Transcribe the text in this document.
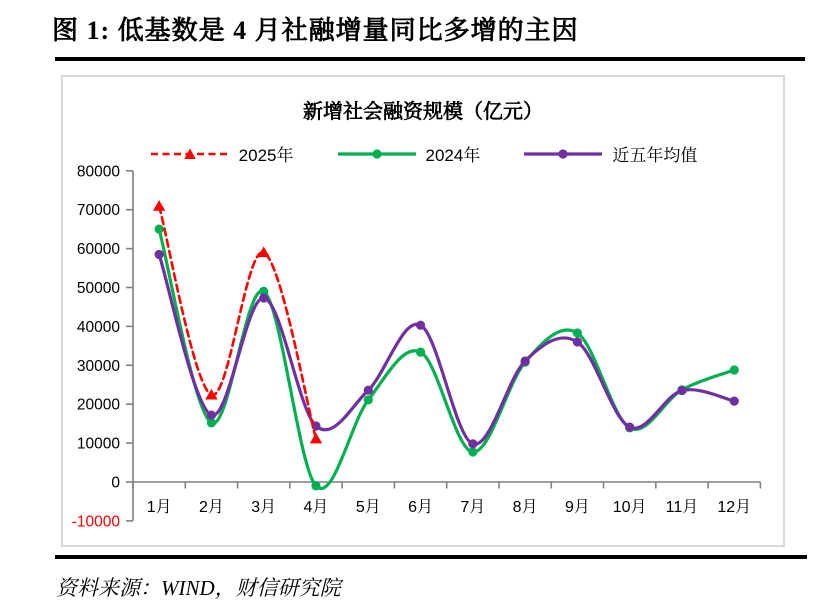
图 1: 低基数是 4 月社融增量同比多增的主因
80000
70000
60000
50000
40000
30000
20000
10000
0
-10000
1月 2月 3月 4月 5月 6月 7月 8月 9月 10月 11月 12月
新增社会融资规模（亿元）
2025年	2024年	近五年均值
资料来源：WIND，财信研究院
